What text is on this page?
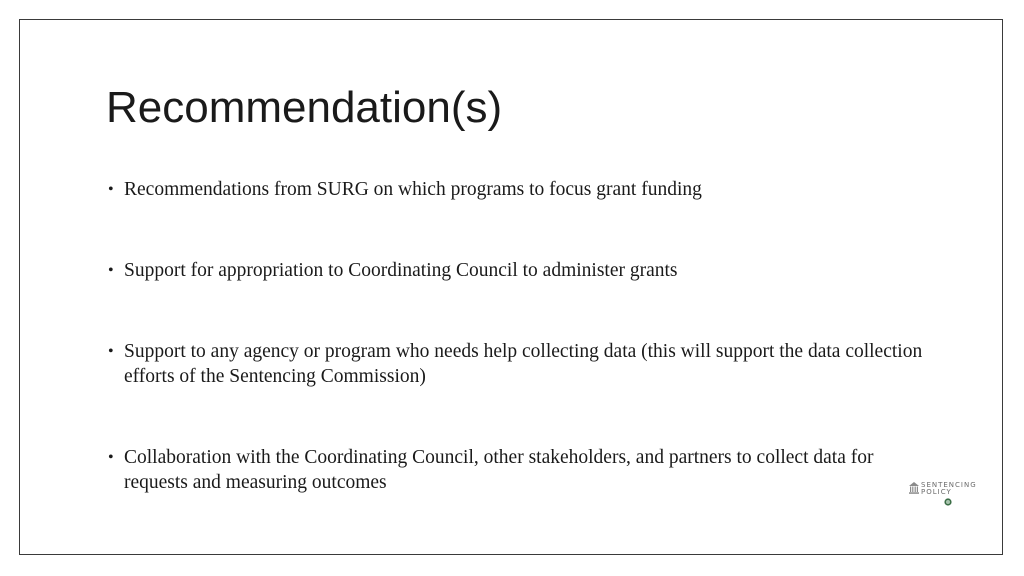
Recommendation(s)
• Recommendations from SURG on which programs to focus grant funding
• Support for appropriation to Coordinating Council to administer grants
• Support to any agency or program who needs help collecting data (this will support the data collection efforts of the Sentencing Commission)
• Collaboration with the Coordinating Council, other stakeholders, and partners to collect data for requests and measuring outcomes	SENTENCING
POLICY
